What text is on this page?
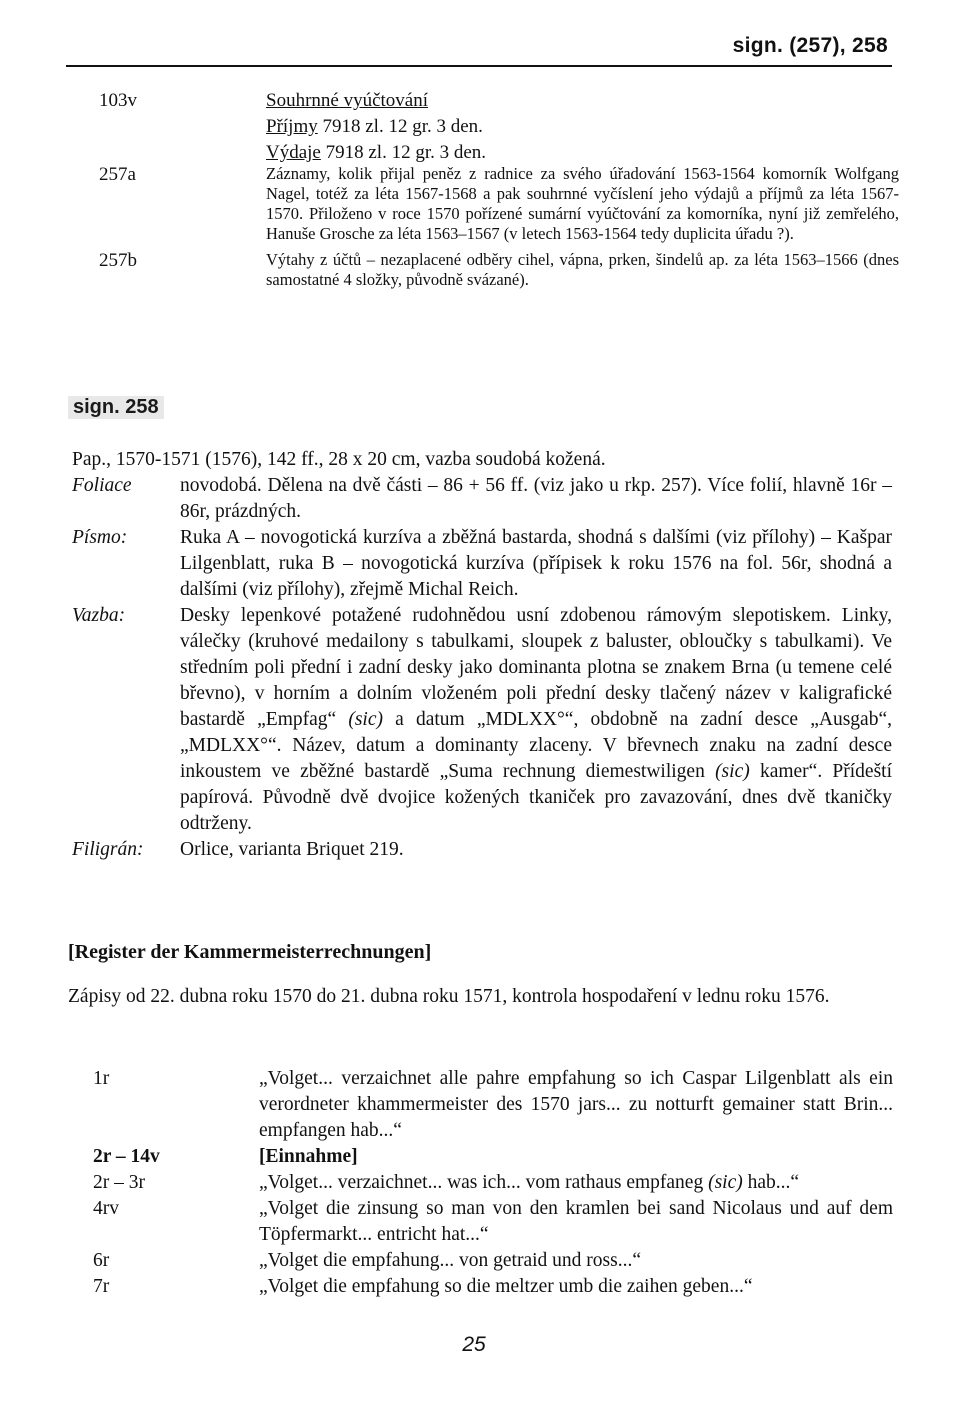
sign. (257), 258
103v	Souhrnné vyúčtování
Příjmy 7918 zl. 12 gr. 3 den.
Výdaje 7918 zl. 12 gr. 3 den.
257a	Záznamy, kolik přijal peněz z radnice za svého úřadování 1563-1564 komorník Wolfgang Nagel, totéž za léta 1567-1568 a pak souhrnné vyčíslení jeho výdajů a příjmů za léta 1567-1570. Přiloženo v roce 1570 pořízené sumární vyúčtování za komorníka, nyní již zemřelého, Hanuše Grosche za léta 1563–1567 (v letech 1563-1564 tedy duplicita úřadu ?).
257b	Výtahy z účtů – nezaplacené odběry cihel, vápna, prken, šindelů ap. za léta 1563–1566 (dnes samostatné 4 složky, původně svázané).
sign. 258
Pap., 1570-1571 (1576), 142 ff., 28 x 20 cm, vazba soudobá kožená.
Foliace	novodobá. Dělena na dvě části – 86 + 56 ff. (viz jako u rkp. 257). Více folií, hlavně 16r – 86r, prázdných.
Písmo:	Ruka A – novogotická kurzíva a zběžná bastarda, shodná s dalšími (viz přílohy) – Kašpar Lilgenblatt, ruka B – novogotická kurzíva (přípisek k roku 1576 na fol. 56r, shodná a dalšími (viz přílohy), zřejmě Michal Reich.
Vazba:	Desky lepenkové potažené rudohnědou usní zdobenou rámovým slepotiskem. Linky, válečky (kruhové medailony s tabulkami, sloupek z baluster, obloučky s tabulkami). Ve středním poli přední i zadní desky jako dominanta plotna se znakem Brna (u temene celé břevno), v horním a dolním vloženém poli přední desky tlačený název v kaligrafické bastardě „Empfag“ (sic) a datum „MDLXX°“, obdobně na zadní desce „Ausgab“, „MDLXX°“. Název, datum a dominanty zlaceny. V břevnech znaku na zadní desce inkoustem ve zběžné bastardě „Suma rechnung diemestwiligen (sic) kamer“. Přídeští papírová. Původně dvě dvojice kožených tkaniček pro zavazování, dnes dvě tkaničky odtrženy.
Filigrán:	Orlice, varianta Briquet 219.
[Register der Kammermeisterrechnungen]
Zápisy od 22. dubna roku 1570 do 21. dubna roku 1571, kontrola hospodaření v lednu roku 1576.
1r	„Volget... verzaichnet alle pahre empfahung so ich Caspar Lilgenblatt als ein verordneter khammermeister des 1570 jars... zu notturft gemainer statt Brin... empfangen hab...“
2r – 14v	[Einnahme]
2r – 3r	„Volget... verzaichnet... was ich... vom rathaus empfaneg (sic) hab...“
4rv	„Volget die zinsung so man von den kramlen bei sand Nicolaus und auf dem Töpfermarkt... entricht hat...“
6r	„Volget die empfahung... von getraid und ross...“
7r	„Volget die empfahung so die meltzer umb die zaihen geben...“
25
